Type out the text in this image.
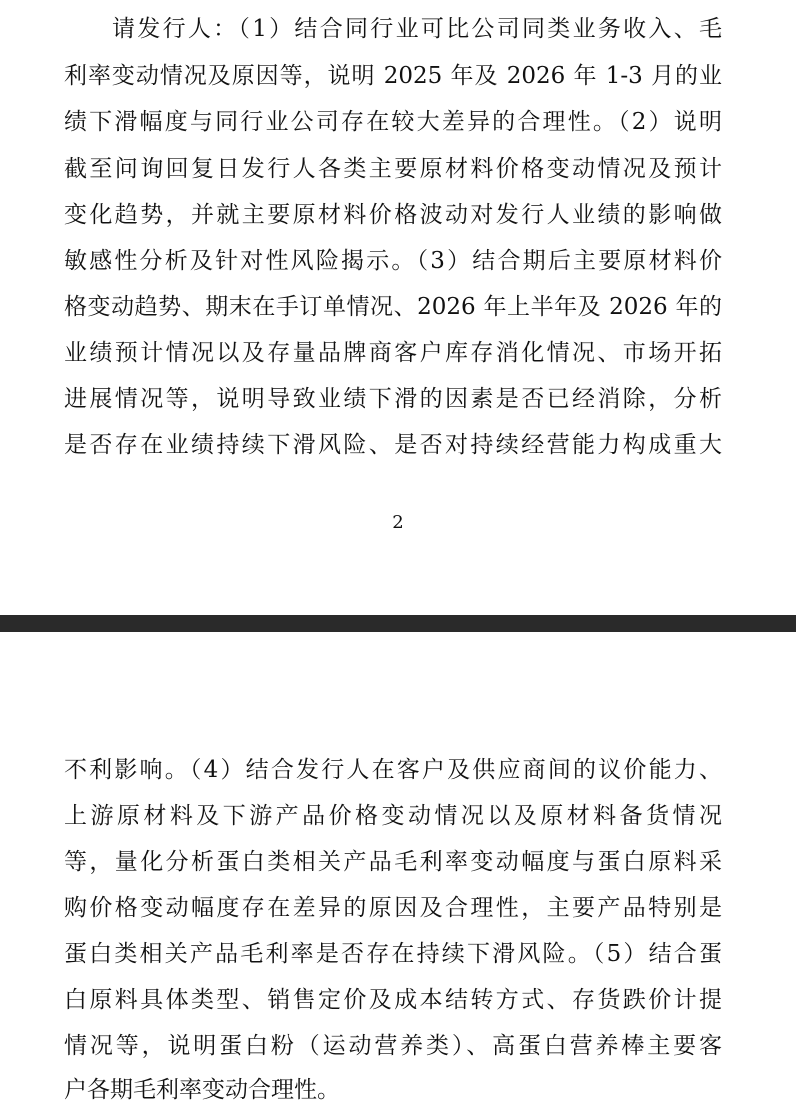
请发行人：（1）结合同行业可比公司同类业务收入、毛
利率变动情况及原因等，说明 2025 年及 2026 年 1-3 月的业
绩下滑幅度与同行业公司存在较大差异的合理性。（2）说明
截至问询回复日发行人各类主要原材料价格变动情况及预计
变化趋势，并就主要原材料价格波动对发行人业绩的影响做
敏感性分析及针对性风险揭示。（3）结合期后主要原材料价
格变动趋势、期末在手订单情况、2026 年上半年及 2026 年的
业绩预计情况以及存量品牌商客户库存消化情况、市场开拓
进展情况等，说明导致业绩下滑的因素是否已经消除，分析
是否存在业绩持续下滑风险、是否对持续经营能力构成重大
2
不利影响。（4）结合发行人在客户及供应商间的议价能力、
上游原材料及下游产品价格变动情况以及原材料备货情况
等，量化分析蛋白类相关产品毛利率变动幅度与蛋白原料采
购价格变动幅度存在差异的原因及合理性，主要产品特别是
蛋白类相关产品毛利率是否存在持续下滑风险。（5）结合蛋
白原料具体类型、销售定价及成本结转方式、存货跌价计提
情况等，说明蛋白粉（运动营养类）、高蛋白营养棒主要客
户各期毛利率变动合理性。
